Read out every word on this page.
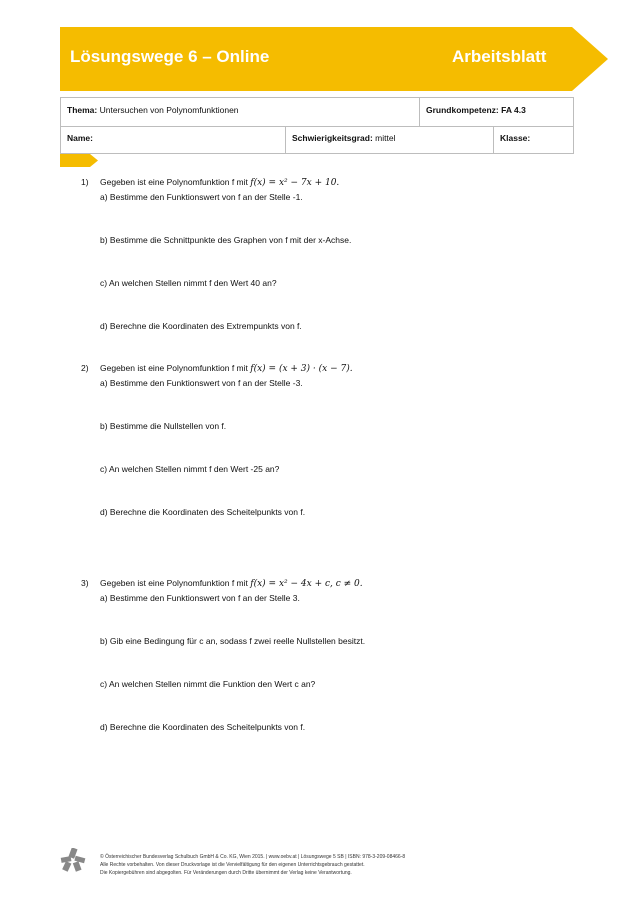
Lösungswege 6 – Online	Arbeitsblatt
Thema: Untersuchen von Polynomfunktionen	Grundkompetenz: FA 4.3
Name:	Schwierigkeitsgrad: mittel	Klasse:
1) Gegeben ist eine Polynomfunktion f mit f(x) = x² − 7x + 10.
a) Bestimme den Funktionswert von f an der Stelle -1.
b) Bestimme die Schnittpunkte des Graphen von f mit der x-Achse.
c) An welchen Stellen nimmt f den Wert 40 an?
d) Berechne die Koordinaten des Extrempunkts von f.
2) Gegeben ist eine Polynomfunktion f mit f(x) = (x + 3) · (x − 7).
a) Bestimme den Funktionswert von f an der Stelle -3.
b) Bestimme die Nullstellen von f.
c) An welchen Stellen nimmt f den Wert -25 an?
d) Berechne die Koordinaten des Scheitelpunkts von f.
3) Gegeben ist eine Polynomfunktion f mit f(x) = x² − 4x + c, c ≠ 0.
a) Bestimme den Funktionswert von f an der Stelle 3.
b) Gib eine Bedingung für c an, sodass f zwei reelle Nullstellen besitzt.
c) An welchen Stellen nimmt die Funktion den Wert c an?
d) Berechne die Koordinaten des Scheitelpunkts von f.
© Österreichischer Bundesverlag Schulbuch GmbH & Co. KG, Wien 2015. | www.oebv.at | Lösungswege 5 SB | ISBN: 978-3-209-08466-8
Alle Rechte vorbehalten. Von dieser Druckvorlage ist die Vervielfältigung für den eigenen Unterrichtsgebrauch gestattet.
Die Kopiergebühren sind abgegolten. Für Veränderungen durch Dritte übernimmt der Verlag keine Verantwortung.
